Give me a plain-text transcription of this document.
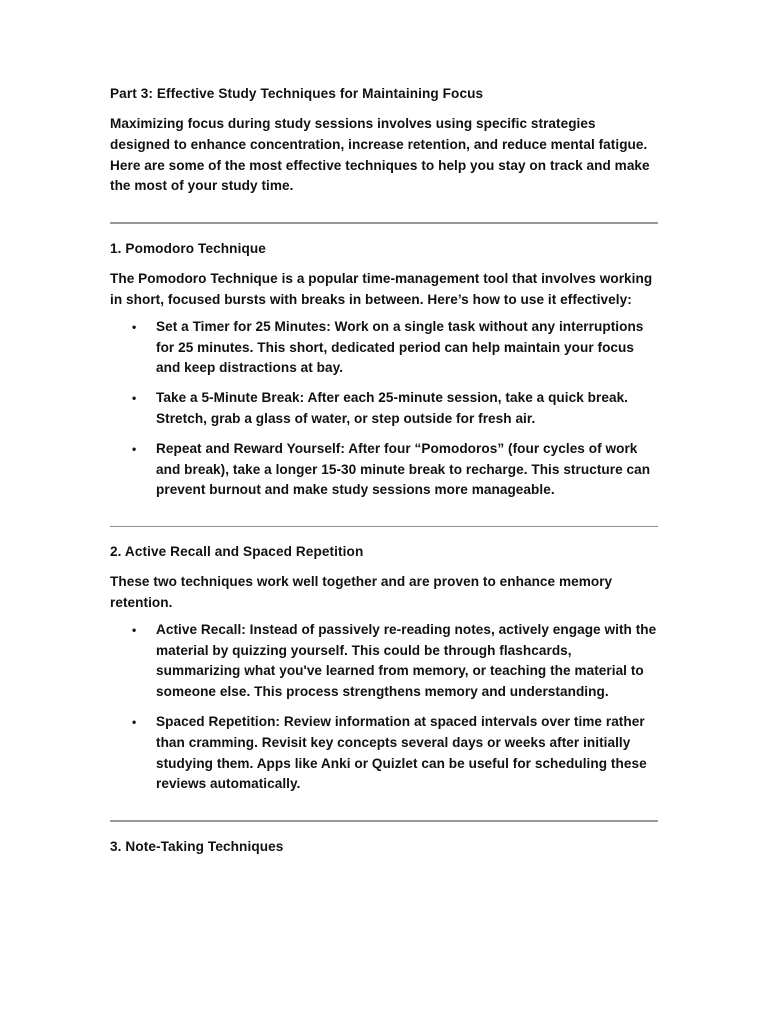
Part 3: Effective Study Techniques for Maintaining Focus

Maximizing focus during study sessions involves using specific strategies designed to enhance concentration, increase retention, and reduce mental fatigue. Here are some of the most effective techniques to help you stay on track and make the most of your study time.

1. Pomodoro Technique

The Pomodoro Technique is a popular time-management tool that involves working in short, focused bursts with breaks in between. Here’s how to use it effectively:

• Set a Timer for 25 Minutes: Work on a single task without any interruptions for 25 minutes. This short, dedicated period can help maintain your focus and keep distractions at bay.
• Take a 5-Minute Break: After each 25-minute session, take a quick break. Stretch, grab a glass of water, or step outside for fresh air.
• Repeat and Reward Yourself: After four “Pomodoros” (four cycles of work and break), take a longer 15-30 minute break to recharge. This structure can prevent burnout and make study sessions more manageable.

2. Active Recall and Spaced Repetition

These two techniques work well together and are proven to enhance memory retention.

• Active Recall: Instead of passively re-reading notes, actively engage with the material by quizzing yourself. This could be through flashcards, summarizing what you've learned from memory, or teaching the material to someone else. This process strengthens memory and understanding.
• Spaced Repetition: Review information at spaced intervals over time rather than cramming. Revisit key concepts several days or weeks after initially studying them. Apps like Anki or Quizlet can be useful for scheduling these reviews automatically.

3. Note-Taking Techniques
